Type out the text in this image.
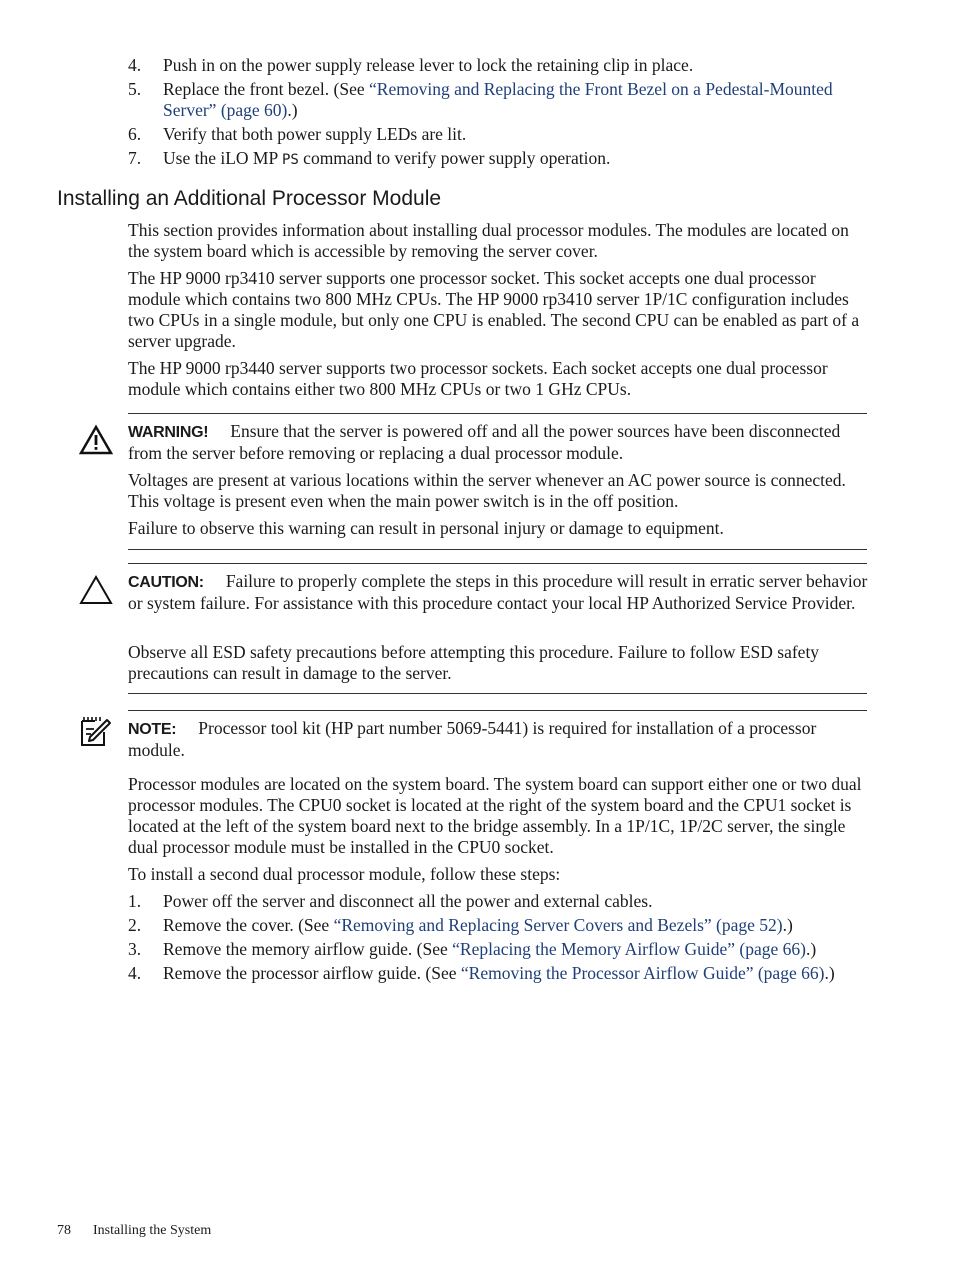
4. Push in on the power supply release lever to lock the retaining clip in place.
5. Replace the front bezel. (See “Removing and Replacing the Front Bezel on a Pedestal-Mounted Server” (page 60).)
6. Verify that both power supply LEDs are lit.
7. Use the iLO MP PS command to verify power supply operation.
Installing an Additional Processor Module

This section provides information about installing dual processor modules. The modules are located on the system board which is accessible by removing the server cover.

The HP 9000 rp3410 server supports one processor socket. This socket accepts one dual processor module which contains two 800 MHz CPUs. The HP 9000 rp3410 server 1P/1C configuration includes two CPUs in a single module, but only one CPU is enabled. The second CPU can be enabled as part of a server upgrade.

The HP 9000 rp3440 server supports two processor sockets. Each socket accepts one dual processor module which contains either two 800 MHz CPUs or two 1 GHz CPUs.

WARNING! Ensure that the server is powered off and all the power sources have been disconnected from the server before removing or replacing a dual processor module.

Voltages are present at various locations within the server whenever an AC power source is connected. This voltage is present even when the main power switch is in the off position.

Failure to observe this warning can result in personal injury or damage to equipment.

CAUTION: Failure to properly complete the steps in this procedure will result in erratic server behavior or system failure. For assistance with this procedure contact your local HP Authorized Service Provider.

Observe all ESD safety precautions before attempting this procedure. Failure to follow ESD safety precautions can result in damage to the server.

NOTE: Processor tool kit (HP part number 5069-5441) is required for installation of a processor module.

Processor modules are located on the system board. The system board can support either one or two dual processor modules. The CPU0 socket is located at the right of the system board and the CPU1 socket is located at the left of the system board next to the bridge assembly. In a 1P/1C, 1P/2C server, the single dual processor module must be installed in the CPU0 socket.

To install a second dual processor module, follow these steps:

1. Power off the server and disconnect all the power and external cables.
2. Remove the cover. (See “Removing and Replacing Server Covers and Bezels” (page 52).)
3. Remove the memory airflow guide. (See “Replacing the Memory Airflow Guide” (page 66).)
4. Remove the processor airflow guide. (See “Removing the Processor Airflow Guide” (page 66).)
78 Installing the System
